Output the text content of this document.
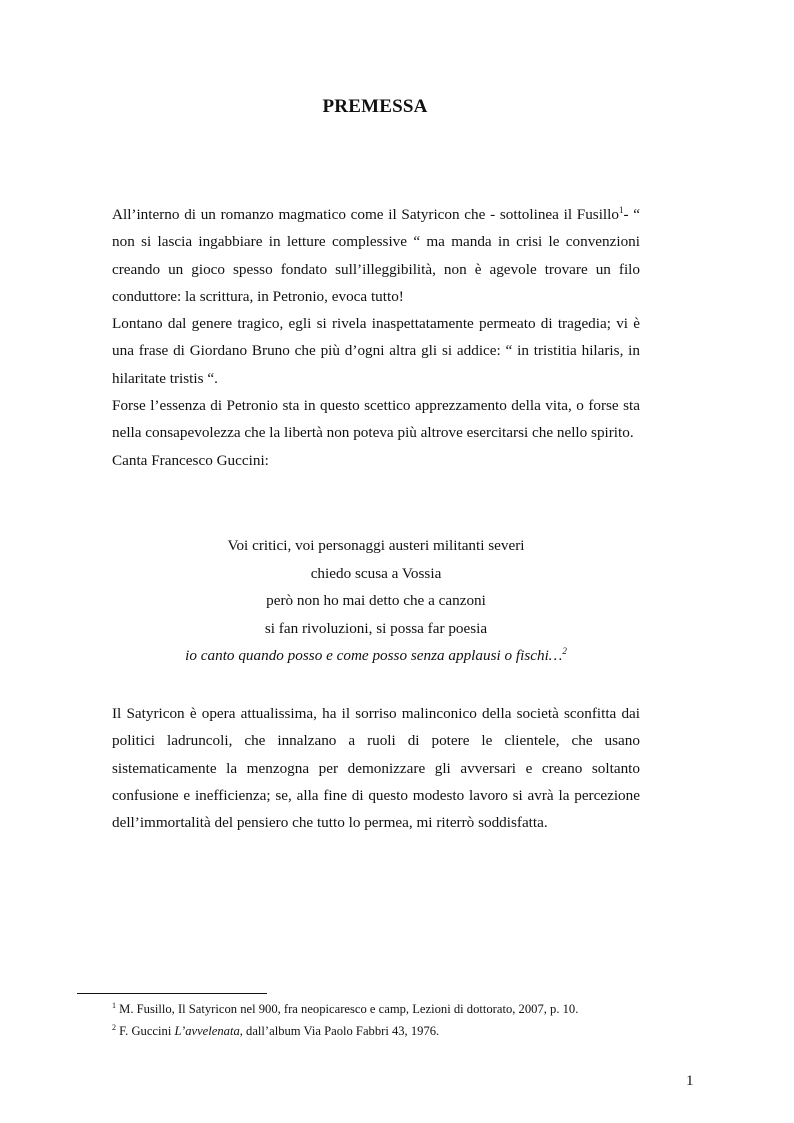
PREMESSA

All’interno di un romanzo magmatico come il Satyricon che - sottolinea il Fusillo$^1$- “ non si lascia ingabbiare in letture complessive “ ma manda in crisi le convenzioni creando un gioco spesso fondato sull’illeggibilità, non è agevole trovare un filo conduttore: la scrittura, in Petronio, evoca tutto!

Lontano dal genere tragico, egli si rivela inaspettatamente permeato di tragedia; vi è una frase di Giordano Bruno che più d’ogni altra gli si addice: “ in tristitia hilaris, in hilaritate tristis “.

Forse l’essenza di Petronio sta in questo scettico apprezzamento della vita, o forse sta nella consapevolezza che la libertà non poteva più altrove esercitarsi che nello spirito.

Canta Francesco Guccini:

Voi critici, voi personaggi austeri militanti severi
chiedo scusa a Vossia
però non ho mai detto che a canzoni
si fan rivoluzioni, si possa far poesia
io canto quando posso e come posso senza applausi o fischi…$^2$

Il Satyricon è opera attualissima, ha il sorriso malinconico della società sconfitta dai politici ladruncoli, che innalzano a ruoli di potere le clientele, che usano sistematicamente la menzogna per demonizzare gli avversari e creano soltanto confusione e inefficienza; se, alla fine di questo modesto lavoro si avrà la percezione dell’immortalità del pensiero che tutto lo permea, mi riterrò soddisfatta.

$^1$ M. Fusillo, Il Satyricon nel 900, fra neopicaresco e camp, Lezioni di dottorato, 2007, p. 10.
$^2$ F. Guccini L’avvelenata, dall’album Via Paolo Fabbri 43, 1976.
1
